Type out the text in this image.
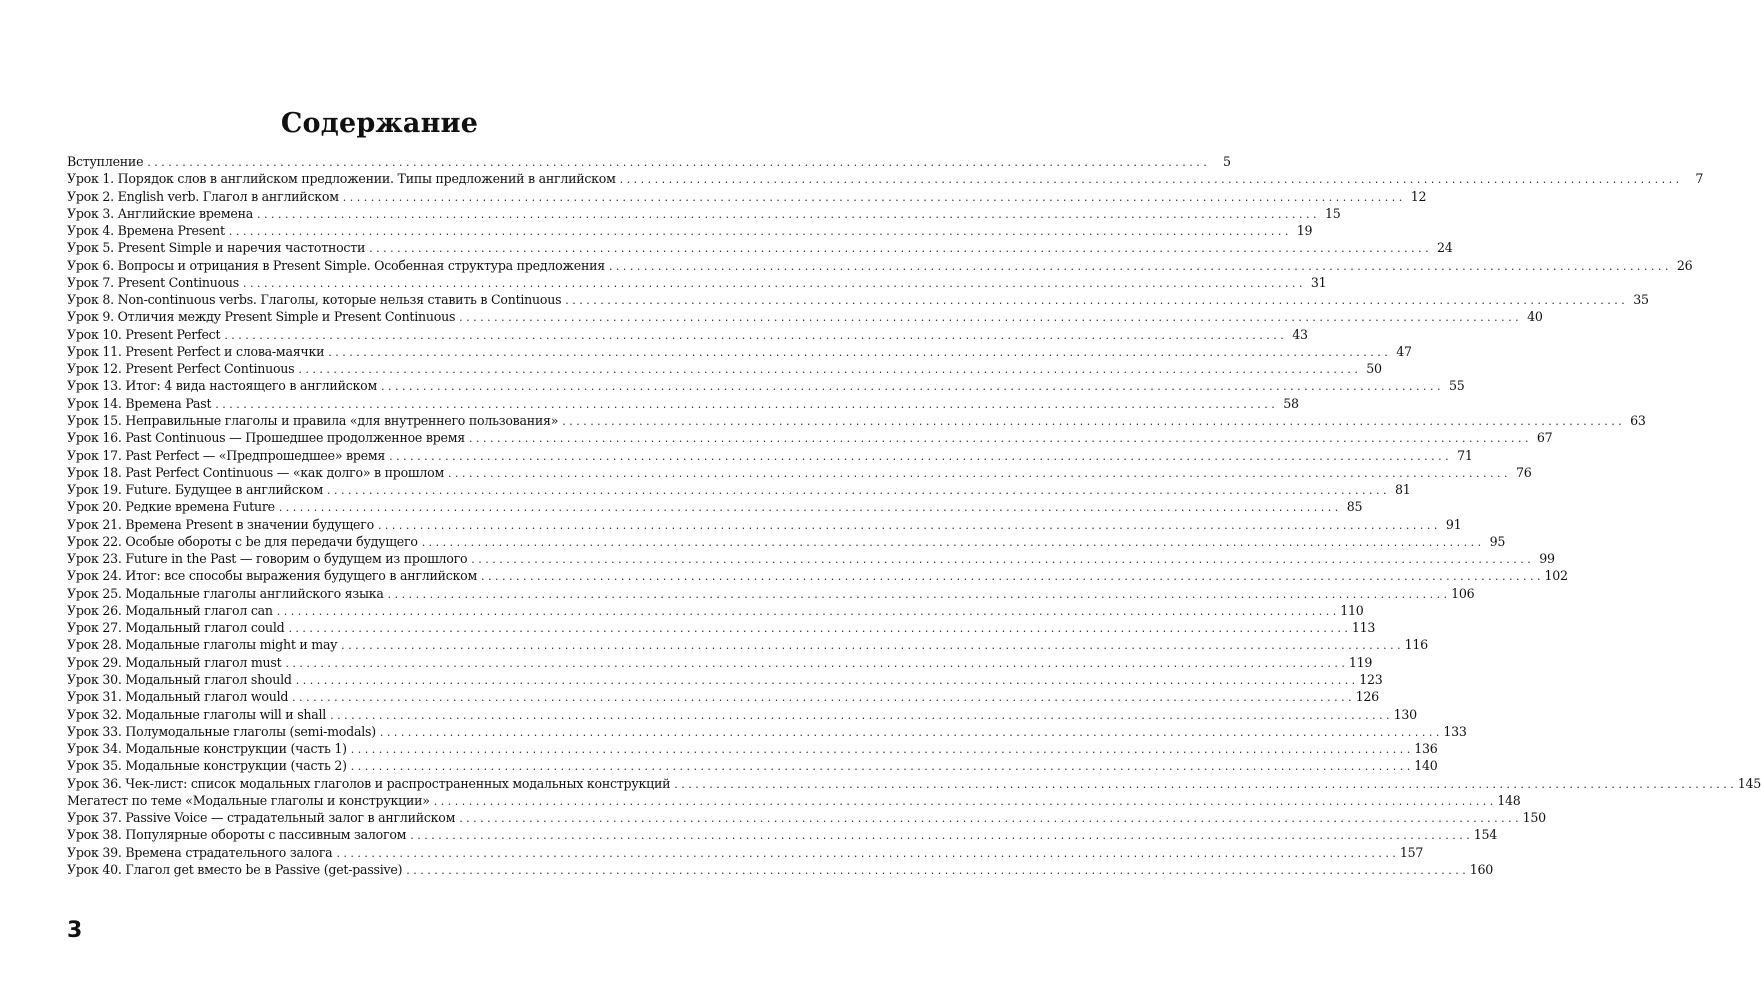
Содержание
Вступление . . .	5
Урок 1. Порядок слов в английском предложении. Типы предложений в английском . . .	7
Урок 2. English verb. Глагол в английском . . .	12
Урок 3. Английские времена . . .	15
Урок 4. Времена Present . . .	19
Урок 5. Present Simple и наречия частотности . . .	24
Урок 6. Вопросы и отрицания в Present Simple. Особенная структура предложения . . .	26
Урок 7. Present Continuous . . .	31
Урок 8. Non-continuous verbs. Глаголы, которые нельзя ставить в Continuous . . .	35
Урок 9. Отличия между Present Simple и Present Continuous . . .	40
Урок 10. Present Perfect . . .	43
Урок 11. Present Perfect и слова-маячки . . .	47
Урок 12. Present Perfect Continuous . . .	50
Урок 13. Итог: 4 вида настоящего в английском . . .	55
Урок 14. Времена Past . . .	58
Урок 15. Неправильные глаголы и правила «для внутреннего пользования» . . .	63
Урок 16. Past Continuous — Прошедшее продолженное время . . .	67
Урок 17. Past Perfect — «Предпрошедшее» время . . .	71
Урок 18. Past Perfect Continuous — «как долго» в прошлом . . .	76
Урок 19. Future. Будущее в английском . . .	81
Урок 20. Редкие времена Future . . .	85
Урок 21. Времена Present в значении будущего . . .	91
Урок 22. Особые обороты с be для передачи будущего . . .	95
Урок 23. Future in the Past — говорим о будущем из прошлого . . .	99
Урок 24. Итог: все способы выражения будущего в английском . . .	102
Урок 25. Модальные глаголы английского языка . . .	106
Урок 26. Модальный глагол can . . .	110
Урок 27. Модальный глагол could . . .	113
Урок 28. Модальные глаголы might и may . . .	116
Урок 29. Модальный глагол must . . .	119
Урок 30. Модальный глагол should . . .	123
Урок 31. Модальный глагол would . . .	126
Урок 32. Модальные глаголы will и shall . . .	130
Урок 33. Полумодальные глаголы (semi-modals) . . .	133
Урок 34. Модальные конструкции (часть 1) . . .	136
Урок 35. Модальные конструкции (часть 2) . . .	140
Урок 36. Чек-лист: список модальных глаголов и распространенных модальных конструкций . . .	145
Мегатест по теме «Модальные глаголы и конструкции» . . .	148
Урок 37. Passive Voice — страдательный залог в английском . . .	150
Урок 38. Популярные обороты с пассивным залогом . . .	154
Урок 39. Времена страдательного залога . . .	157
Урок 40. Глагол get вместо be в Passive (get-passive) . . .	160
3
